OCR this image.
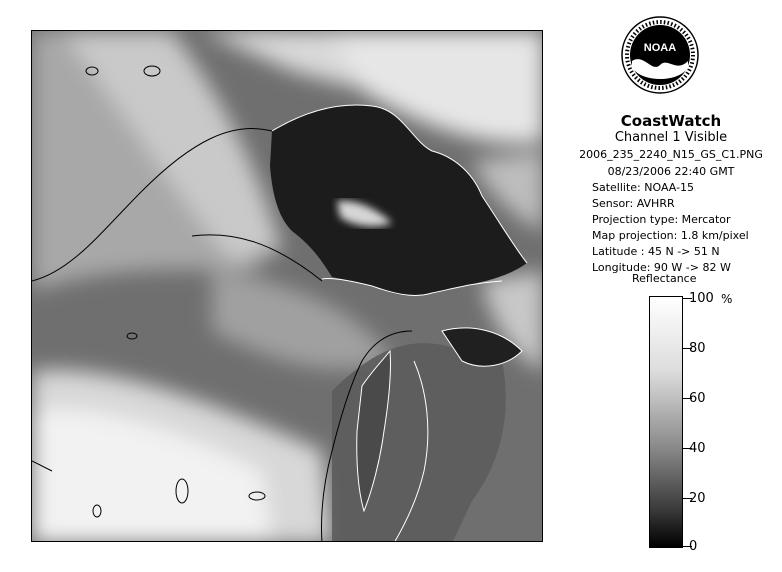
NOAA
CoastWatch
Channel 1 Visible
2006_235_2240_N15_GS_C1.PNG
08/23/2006 22:40 GMT
Satellite: NOAA-15
Sensor: AVHRR
Projection type: Mercator
Map projection: 1.8 km/pixel
Latitude : 45 N -> 51 N
Longitude: 90 W -> 82 W
Reflectance
%
100
80
60
40
20
0
